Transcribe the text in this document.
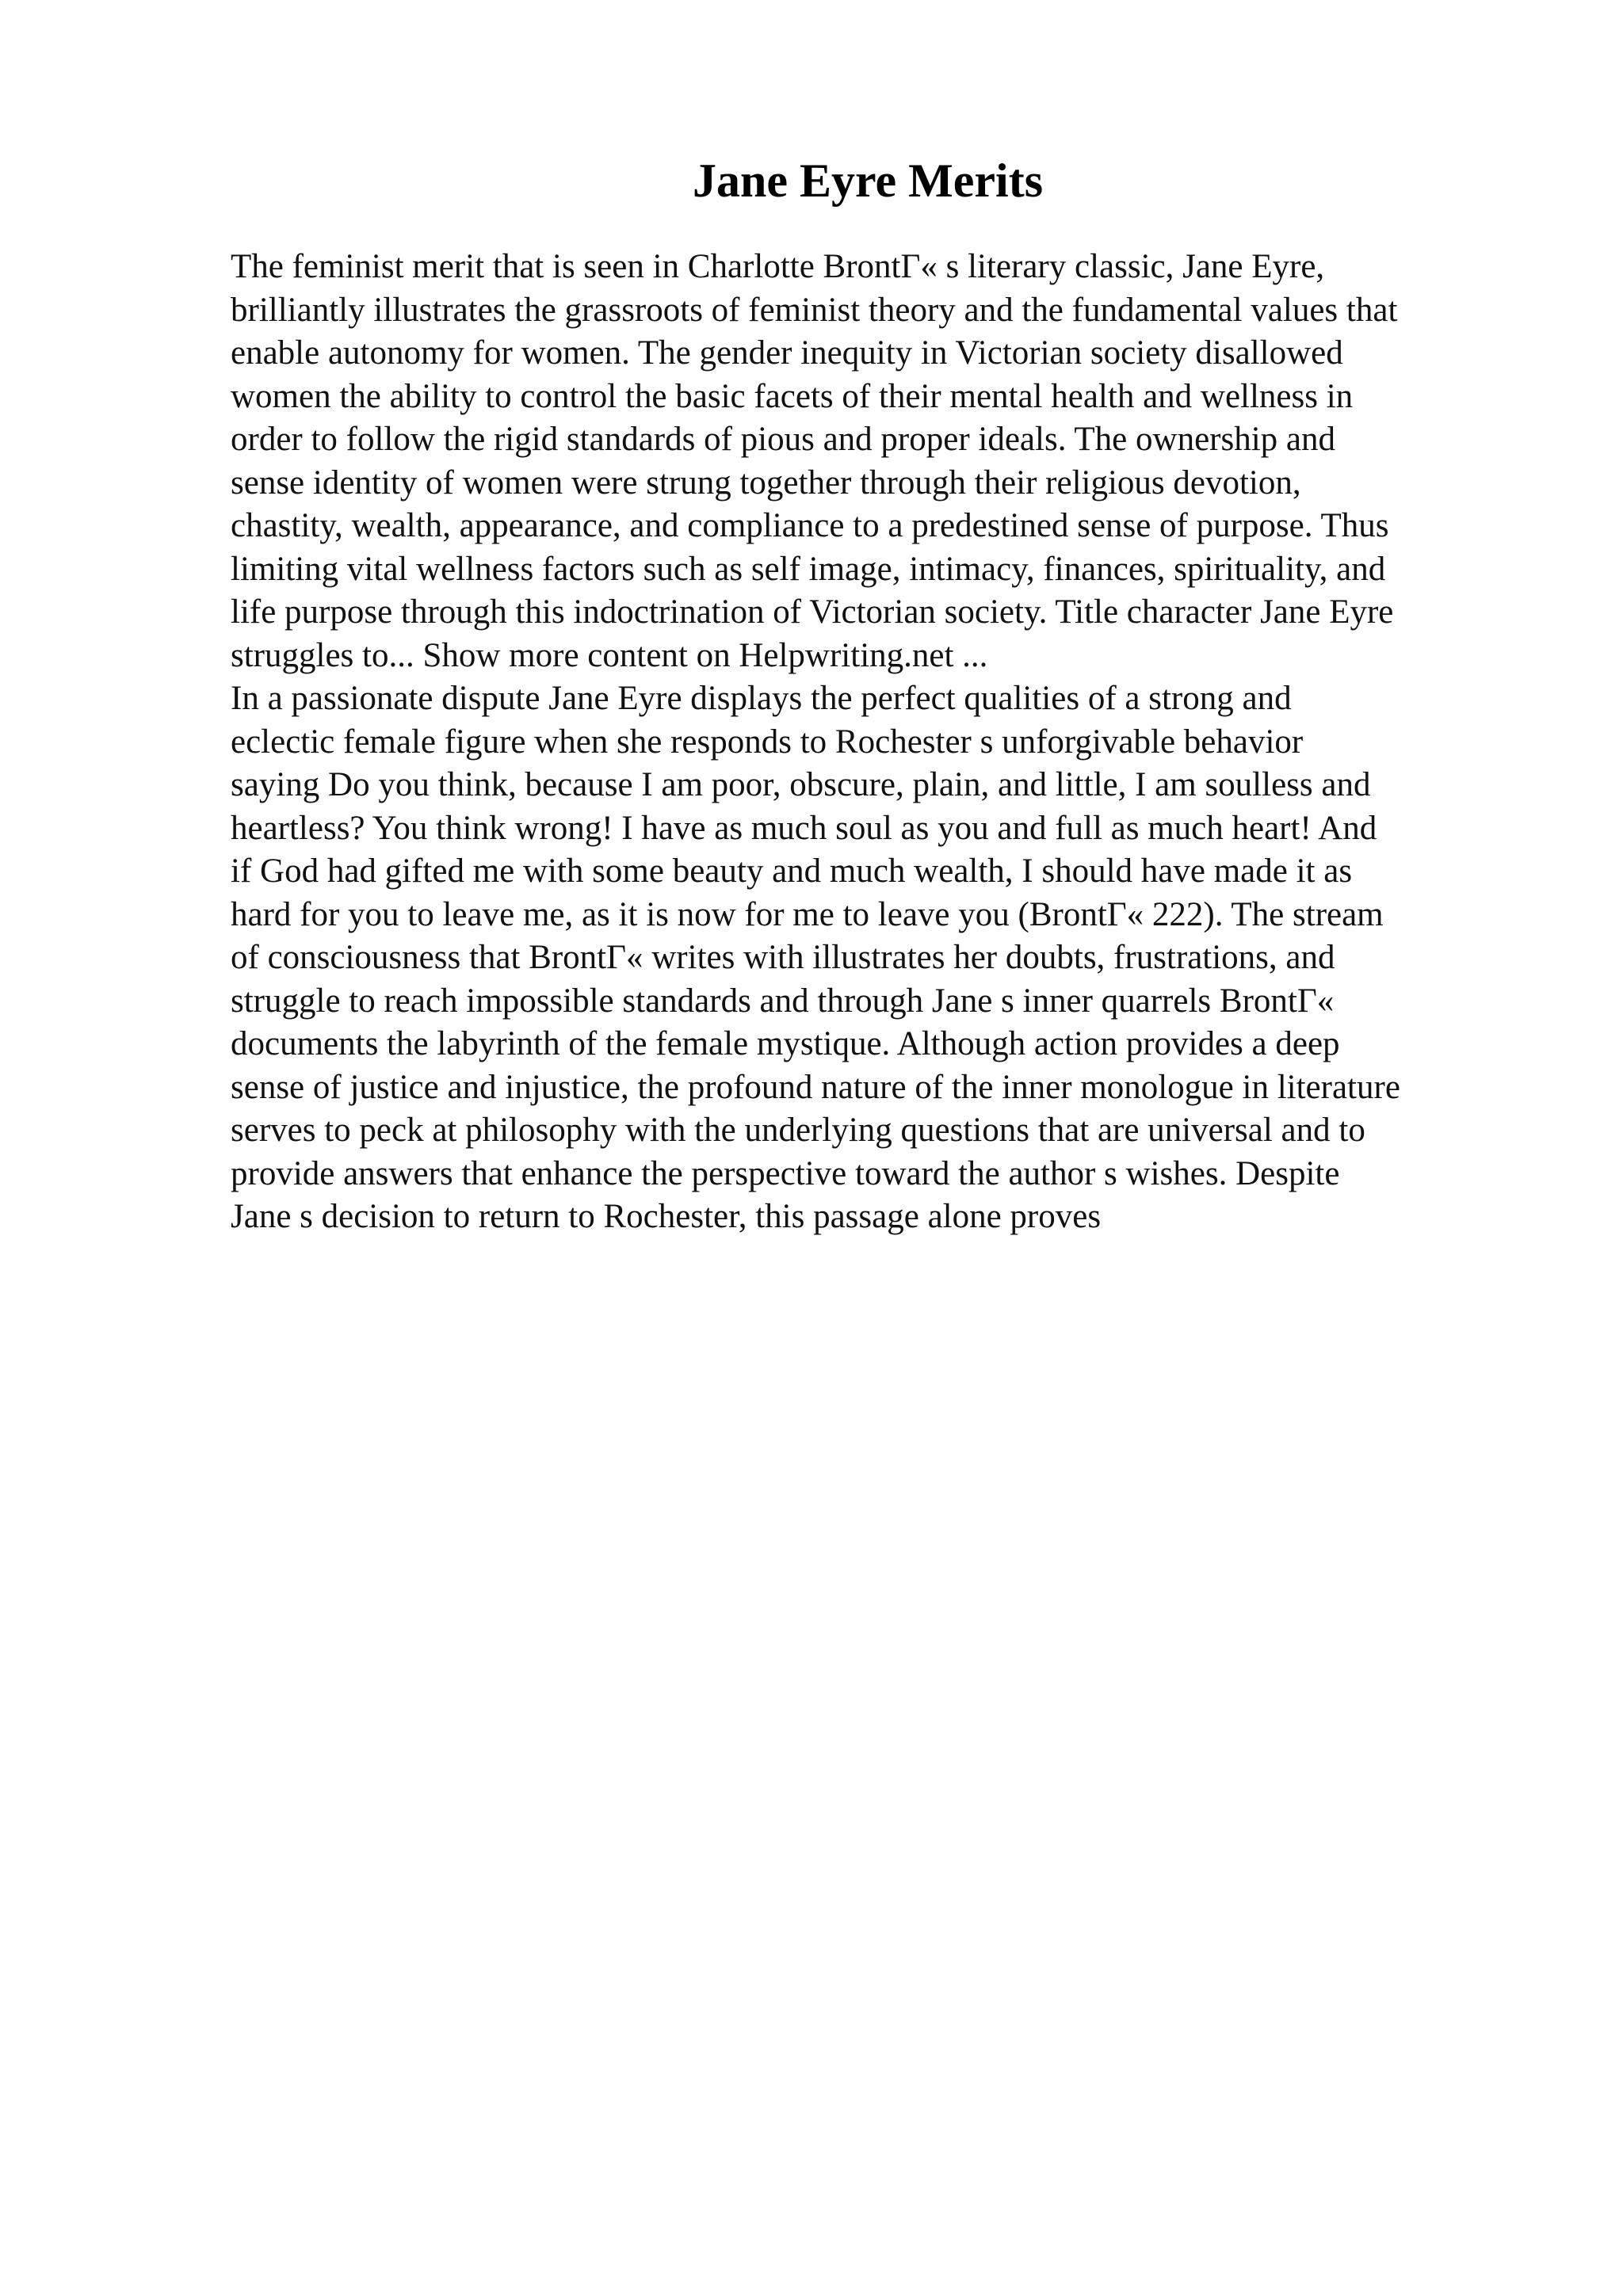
Jane Eyre Merits

The feminist merit that is seen in Charlotte BrontΓ« s literary classic, Jane Eyre,
brilliantly illustrates the grassroots of feminist theory and the fundamental values that
enable autonomy for women. The gender inequity in Victorian society disallowed
women the ability to control the basic facets of their mental health and wellness in
order to follow the rigid standards of pious and proper ideals. The ownership and
sense identity of women were strung together through their religious devotion,
chastity, wealth, appearance, and compliance to a predestined sense of purpose. Thus
limiting vital wellness factors such as self image, intimacy, finances, spirituality, and
life purpose through this indoctrination of Victorian society. Title character Jane Eyre
struggles to... Show more content on Helpwriting.net ...

In a passionate dispute Jane Eyre displays the perfect qualities of a strong and
eclectic female figure when she responds to Rochester s unforgivable behavior
saying Do you think, because I am poor, obscure, plain, and little, I am soulless and
heartless? You think wrong! I have as much soul as you and full as much heart! And
if God had gifted me with some beauty and much wealth, I should have made it as
hard for you to leave me, as it is now for me to leave you (BrontΓ« 222). The stream
of consciousness that BrontΓ« writes with illustrates her doubts, frustrations, and
struggle to reach impossible standards and through Jane s inner quarrels BrontΓ«
documents the labyrinth of the female mystique. Although action provides a deep
sense of justice and injustice, the profound nature of the inner monologue in literature
serves to peck at philosophy with the underlying questions that are universal and to
provide answers that enhance the perspective toward the author s wishes. Despite
Jane s decision to return to Rochester, this passage alone proves
